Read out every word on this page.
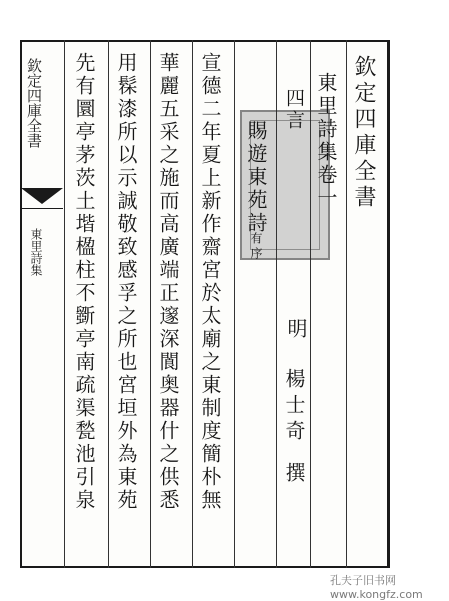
欽定四庫全書
東里詩集
欽定四庫全書
東里詩集卷一
四言
賜遊東苑詩
有序
明
楊士奇
撰
宣德二年夏上新作齋宮於太廟之東制度簡朴無
華麗五采之施而高廣端正邃深閬奥器什之供悉
用髹漆所以示誠敬致感孚之所也宮垣外為東苑
先有圜亭茅茨土堦楹柱不斵亭南疏渠甃池引泉
孔夫子旧书网 www.kongfz.com
